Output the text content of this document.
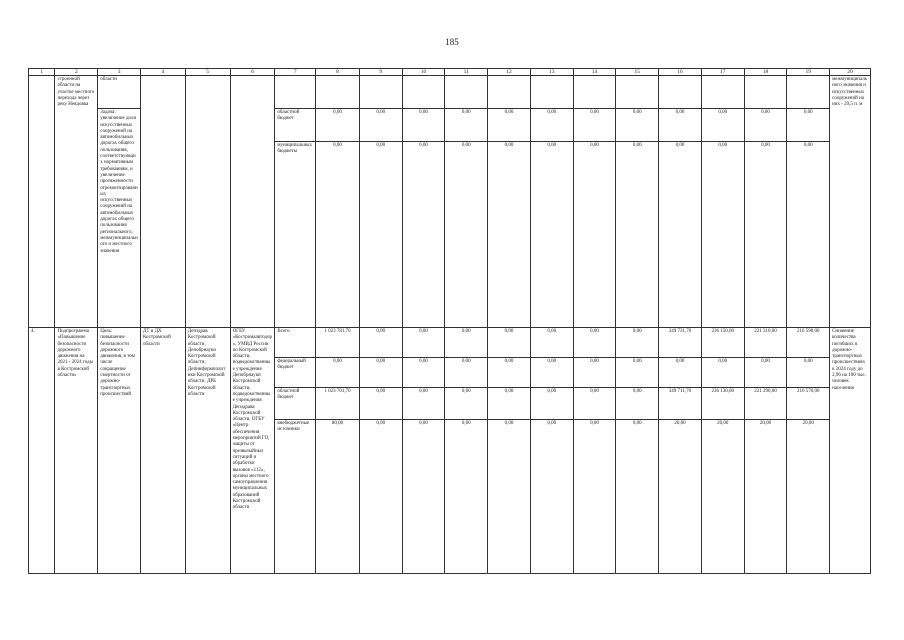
185
1	2	3	4	5	6	7	8	9	10	11	12	13	14	15	16	17	18	19	20
	строенной области на участке местного перехода через реку Неядовка	области																	межмуниципального значения и искусственных сооружений на них - 29,5 п. м
		Задача: увеличение доли искусственных сооружений на автомобильных дорогах общего пользования, соответствующих нормативным требованиям, и увеличение протяженности отремонтированных искусственных сооружений на автомобильных дорогах общего пользования регионального, межмуниципального и местного значения				областной бюджет	0,00	0,00	0,00	0,00	0,00	0,00	0,00	0,00	0,00	0,00	0,00	0,00	
						муниципальных бюджеты	0,00	0,00	0,00	0,00	0,00	0,00	0,00	0,00	0,00	0,00	0,00	0,00	
4.	Подпрограмма «Повышение безопасности дорожного движения на 2021 - 2024 годы в Костромской области»	Цель: повышение безопасности дорожного движения, в том числе сокращение смертности от дорожно-транспортных происшествий	ДТ и ДХ Костромской области	Депздрав Костромской области, Депобрнауки Костромской области, Депинформполитики Костромской области, ДРБ Костромской области	ОГБУ «Костромаавтодор», УМВД России по Костромской области, подведомственные учреждения Депобрнауки Костромской области, подведомственные учреждения Депздрава Костромской области, ОГБУ «Центр обеспечения мероприятий ГО, защиты от чрезвычайных ситуаций и обработки вызовов «112», органы местного самоуправления муниципальных образований Костромской области	Всего	1 023 781,70	0,00	0,00	0,00	0,00	0,00	0,00	0,00	349 731,70	236 150,00	221 310,00	216 590,00	Снижение количества погибших в дорожно-транспортных происшествиях к 2024 году до 2,96 на 100 тыс. человек населения
						федеральный бюджет	0,00	0,00	0,00	0,00	0,00	0,00	0,00	0,00	0,00	0,00	0,00	0,00	
						областной бюджет	1 023 701,70	0,00	0,00	0,00	0,00	0,00	0,00	0,00	349 711,70	236 130,00	221 290,00	216 570,00	
						внебюджетные источники	80,00	0,00	0,00	0,00	0,00	0,00	0,00	0,00	20,00	20,00	20,00	20,00	
